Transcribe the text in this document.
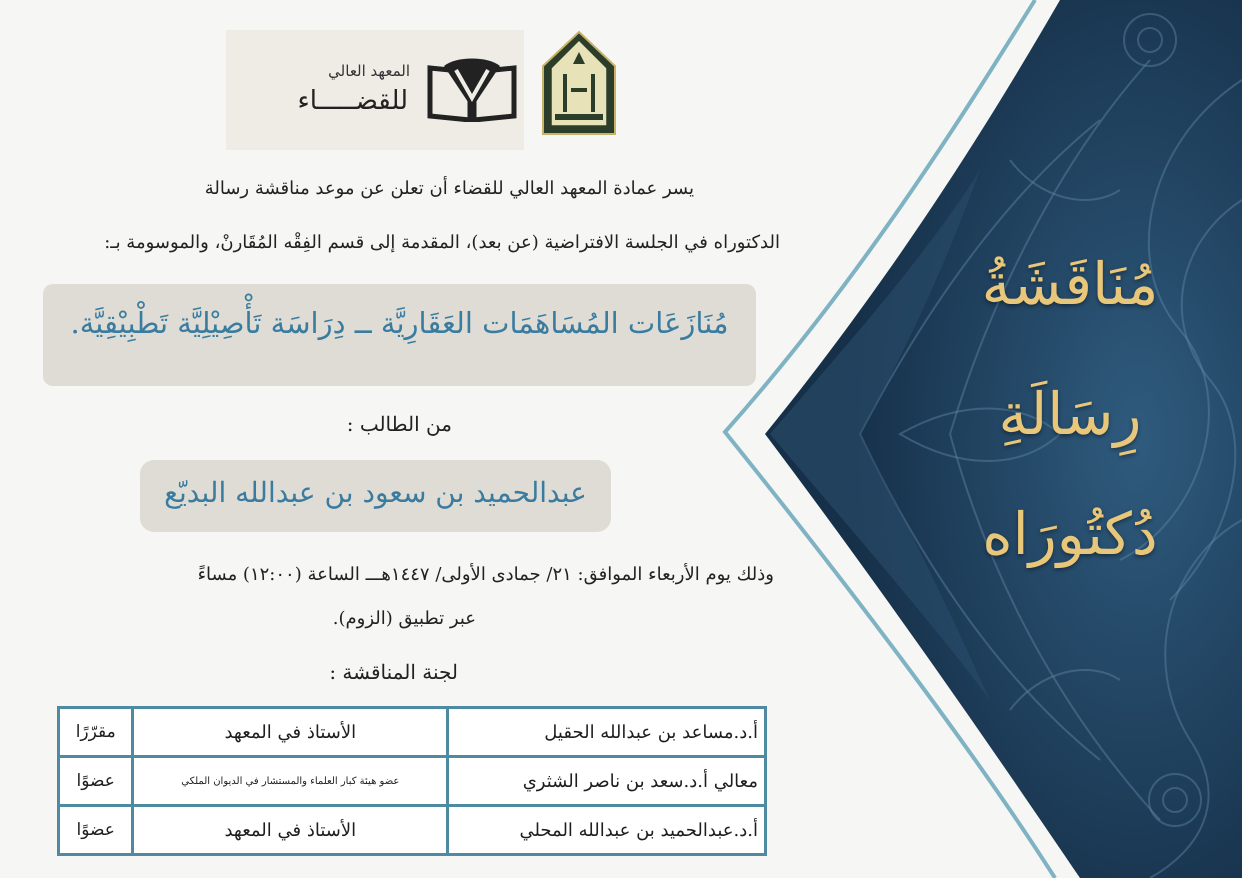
مُنَاقَشَةُ
رِسَالَةِ
دُكتُورَاه
المعهد العالي
للقضـــــاء
يسر عمادة المعهد العالي للقضاء أن تعلن عن موعد مناقشة رسالة
الدكتوراه في الجلسة الافتراضية (عن بعد)، المقدمة إلى قسم الفِقْه المُقَارنْ، والموسومة بـ:
مُنَازَعَات المُسَاهَمَات العَقَارِيَّة ــ دِرَاسَة تَأْصِيْلِيَّة تَطْبِيْقِيَّة.
من الطالب :
عبدالحميد بن سعود بن عبدالله البديّع
وذلك يوم الأربعاء الموافق: ٢١/ جمادى الأولى/ ١٤٤٧هـــ الساعة (١٢:٠٠) مساءً
عبر تطبيق (الزوم).
لجنة المناقشة :
أ.د.مساعد بن عبدالله الحقيل	الأستاذ في المعهد	مقرّرًا
معالي أ.د.سعد بن ناصر الشثري	عضو هيئة كبار العلماء والمستشار في الديوان الملكي	عضوًا
أ.د.عبدالحميد بن عبدالله المحلي	الأستاذ في المعهد	عضوًا
